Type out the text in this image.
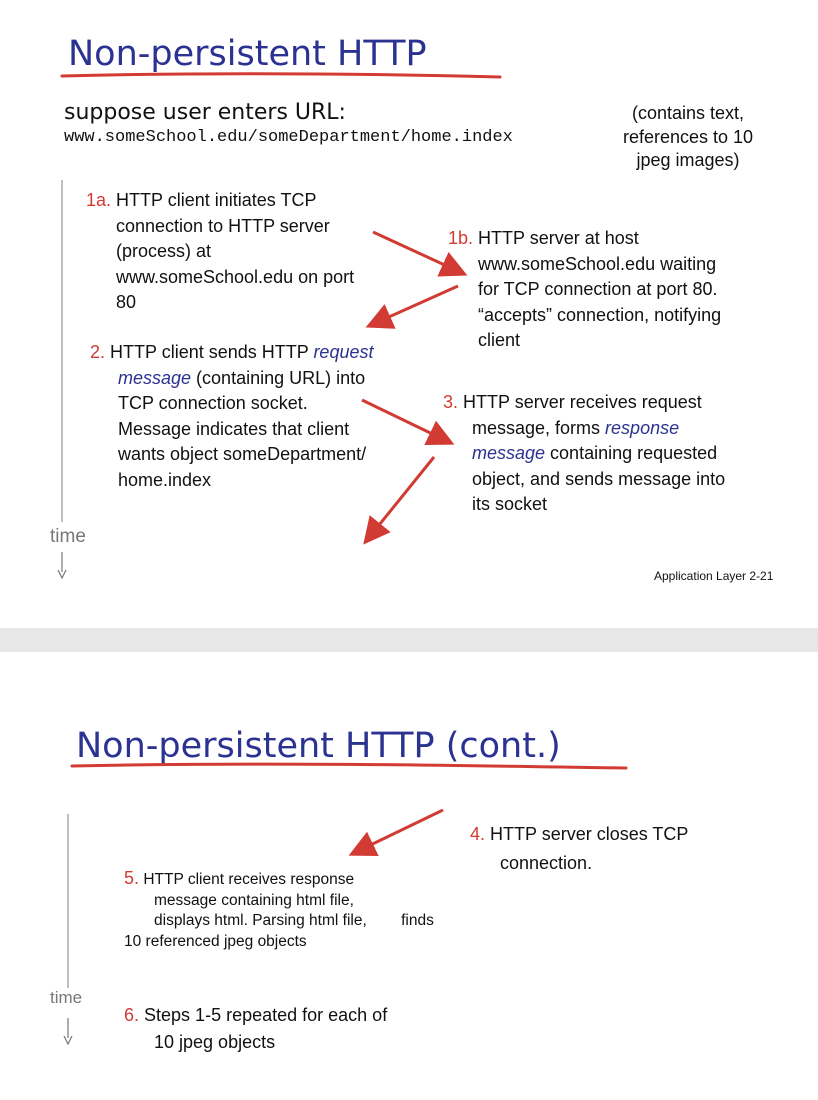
Non-persistent HTTP
suppose user enters URL:
www.someSchool.edu/someDepartment/home.index
(contains text,
references to 10
jpeg images)
1a. HTTP client initiates TCP
connection to HTTP server
(process) at
www.someSchool.edu on port
80
1b. HTTP server at host
www.someSchool.edu waiting
for TCP connection at port 80.
“accepts” connection, notifying
client
2. HTTP client sends HTTP request
message (containing URL) into
TCP connection socket.
Message indicates that client
wants object someDepartment/
home.index
3. HTTP server receives request
message, forms response
message containing requested
object, and sends message into
its socket
time
Application Layer 2-21
Non-persistent HTTP (cont.)
4. HTTP server closes TCP
connection.
5. HTTP client receives response message containing html file, displays html. Parsing html file, finds 10 referenced jpeg objects
6. Steps 1-5 repeated for each of
10 jpeg objects
time
